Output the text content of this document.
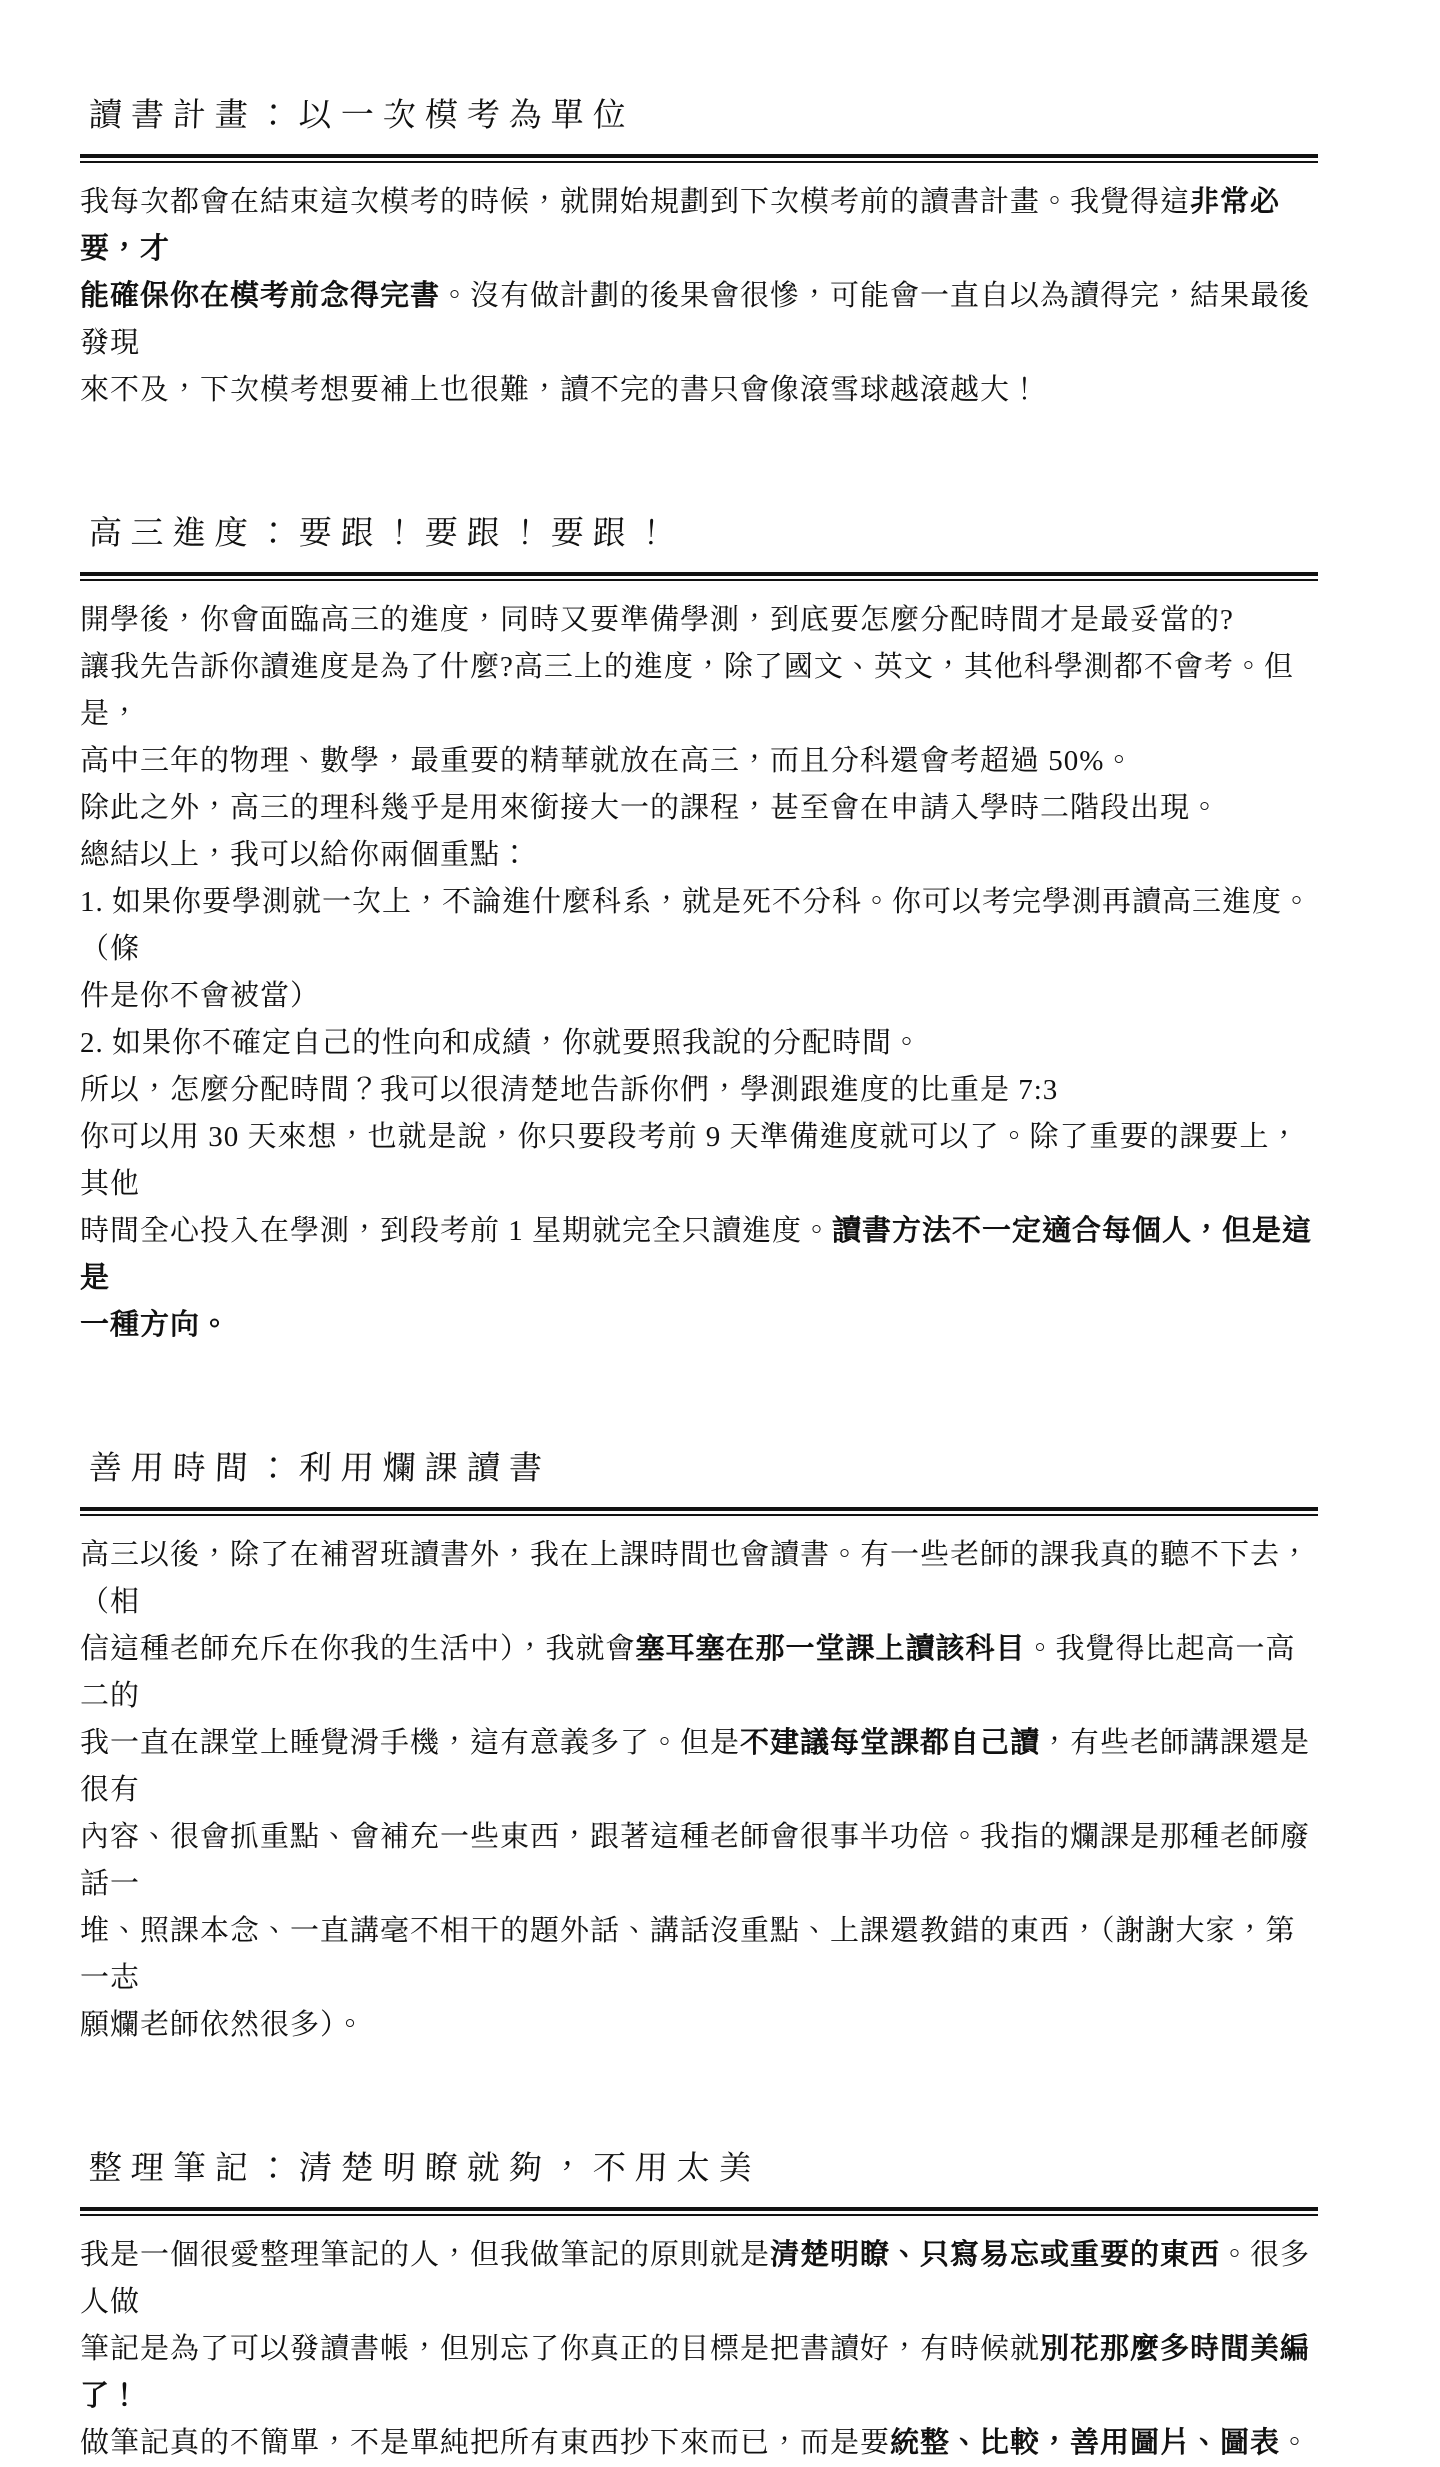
讀書計畫：以一次模考為單位

我每次都會在結束這次模考的時候，就開始規劃到下次模考前的讀書計畫。我覺得這非常必要，才

能確保你在模考前念得完書。沒有做計劃的後果會很慘，可能會一直自以為讀得完，結果最後發現

來不及，下次模考想要補上也很難，讀不完的書只會像滾雪球越滾越大！

高三進度：要跟！要跟！要跟！

開學後，你會面臨高三的進度，同時又要準備學測，到底要怎麼分配時間才是最妥當的?

讓我先告訴你讀進度是為了什麼?高三上的進度，除了國文、英文，其他科學測都不會考。但是，

高中三年的物理、數學，最重要的精華就放在高三，而且分科還會考超過 50%。

除此之外，高三的理科幾乎是用來銜接大一的課程，甚至會在申請入學時二階段出現。

總結以上，我可以給你兩個重點：

1. 如果你要學測就一次上，不論進什麼科系，就是死不分科。你可以考完學測再讀高三進度。（條

件是你不會被當）

2. 如果你不確定自己的性向和成績，你就要照我說的分配時間。

所以，怎麼分配時間？我可以很清楚地告訴你們，學測跟進度的比重是 7:3

你可以用 30 天來想，也就是說，你只要段考前 9 天準備進度就可以了。除了重要的課要上，其他

時間全心投入在學測，到段考前 1 星期就完全只讀進度。讀書方法不一定適合每個人，但是這是

一種方向。

善用時間：利用爛課讀書

高三以後，除了在補習班讀書外，我在上課時間也會讀書。有一些老師的課我真的聽不下去，（相

信這種老師充斥在你我的生活中），我就會塞耳塞在那一堂課上讀該科目。我覺得比起高一高二的

我一直在課堂上睡覺滑手機，這有意義多了。但是不建議每堂課都自己讀，有些老師講課還是很有

內容、很會抓重點、會補充一些東西，跟著這種老師會很事半功倍。我指的爛課是那種老師廢話一

堆、照課本念、一直講毫不相干的題外話、講話沒重點、上課還教錯的東西，（謝謝大家，第一志

願爛老師依然很多）。

整理筆記：清楚明瞭就夠，不用太美

我是一個很愛整理筆記的人，但我做筆記的原則就是清楚明瞭、只寫易忘或重要的東西。很多人做

筆記是為了可以發讀書帳，但別忘了你真正的目標是把書讀好，有時候就別花那麼多時間美編了！

做筆記真的不簡單，不是單純把所有東西抄下來而已，而是要統整、比較，善用圖片、圖表。
